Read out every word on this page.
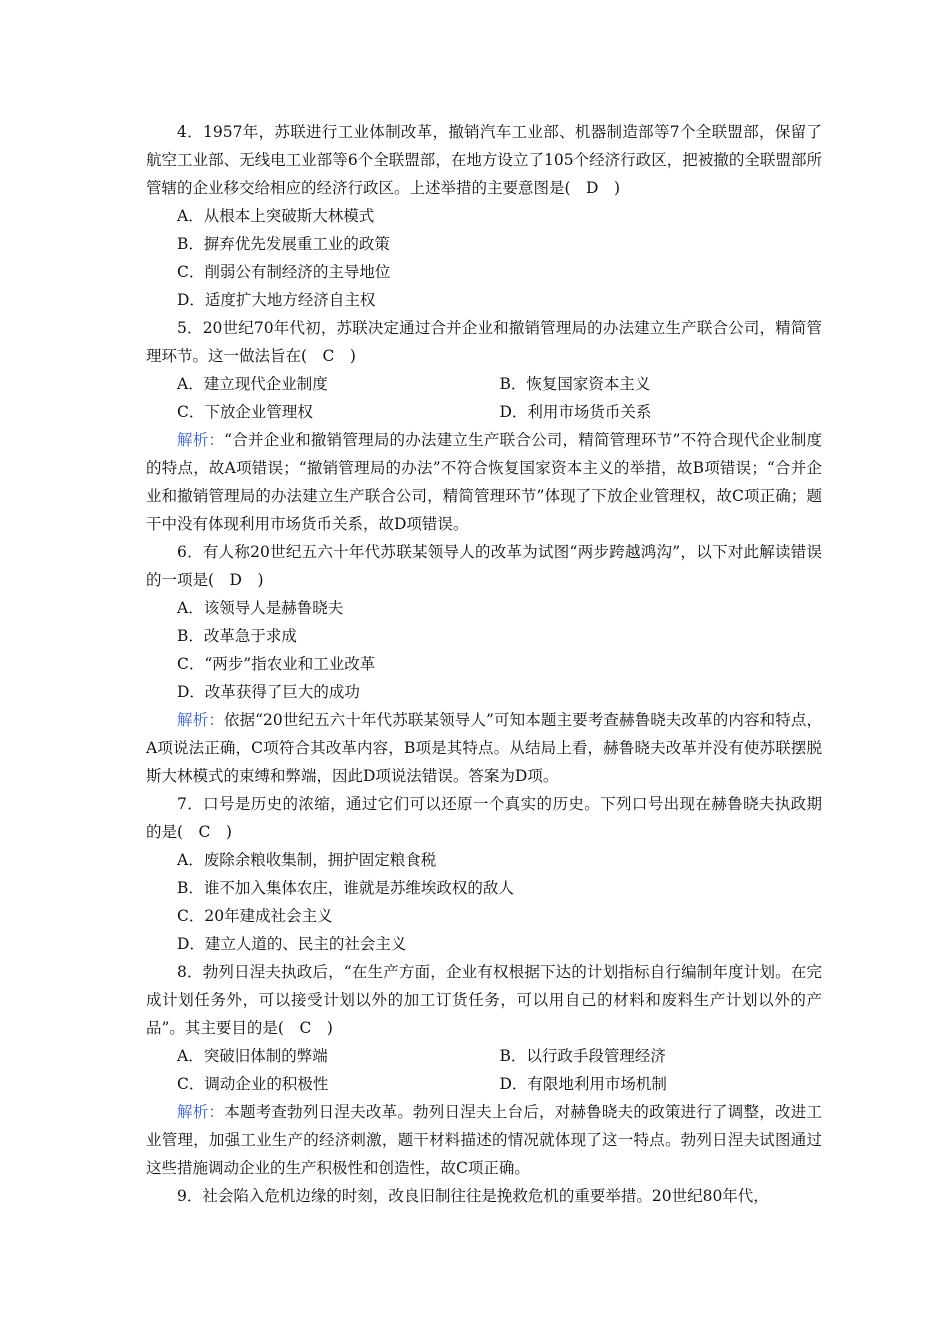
4．1957年，苏联进行工业体制改革，撤销汽车工业部、机器制造部等7个全联盟部，保留了航空工业部、无线电工业部等6个全联盟部，在地方设立了105个经济行政区，把被撤的全联盟部所管辖的企业移交给相应的经济行政区。上述举措的主要意图是(　D　)

A．从根本上突破斯大林模式

B．摒弃优先发展重工业的政策

C．削弱公有制经济的主导地位

D．适度扩大地方经济自主权

5．20世纪70年代初，苏联决定通过合并企业和撤销管理局的办法建立生产联合公司，精简管理环节。这一做法旨在(　C　)

A．建立现代企业制度	B．恢复国家资本主义
C．下放企业管理权	D．利用市场货币关系

解析：“合并企业和撤销管理局的办法建立生产联合公司，精简管理环节”不符合现代企业制度的特点，故A项错误；“撤销管理局的办法”不符合恢复国家资本主义的举措，故B项错误；“合并企业和撤销管理局的办法建立生产联合公司，精简管理环节”体现了下放企业管理权，故C项正确；题干中没有体现利用市场货币关系，故D项错误。

6．有人称20世纪五六十年代苏联某领导人的改革为试图“两步跨越鸿沟”，以下对此解读错误的一项是(　D　)

A．该领导人是赫鲁晓夫

B．改革急于求成

C．“两步”指农业和工业改革

D．改革获得了巨大的成功

解析：依据“20世纪五六十年代苏联某领导人”可知本题主要考查赫鲁晓夫改革的内容和特点，A项说法正确，C项符合其改革内容，B项是其特点。从结局上看，赫鲁晓夫改革并没有使苏联摆脱斯大林模式的束缚和弊端，因此D项说法错误。答案为D项。

7．口号是历史的浓缩，通过它们可以还原一个真实的历史。下列口号出现在赫鲁晓夫执政期的是(　C　)

A．废除余粮收集制，拥护固定粮食税

B．谁不加入集体农庄，谁就是苏维埃政权的敌人

C．20年建成社会主义

D．建立人道的、民主的社会主义

8．勃列日涅夫执政后，“在生产方面，企业有权根据下达的计划指标自行编制年度计划。在完成计划任务外，可以接受计划以外的加工订货任务，可以用自己的材料和废料生产计划以外的产品”。其主要目的是(　C　)

A．突破旧体制的弊端	B．以行政手段管理经济
C．调动企业的积极性	D．有限地利用市场机制

解析：本题考查勃列日涅夫改革。勃列日涅夫上台后，对赫鲁晓夫的政策进行了调整，改进工业管理，加强工业生产的经济刺激，题干材料描述的情况就体现了这一特点。勃列日涅夫试图通过这些措施调动企业的生产积极性和创造性，故C项正确。

9．社会陷入危机边缘的时刻，改良旧制往往是挽救危机的重要举措。20世纪80年代，
